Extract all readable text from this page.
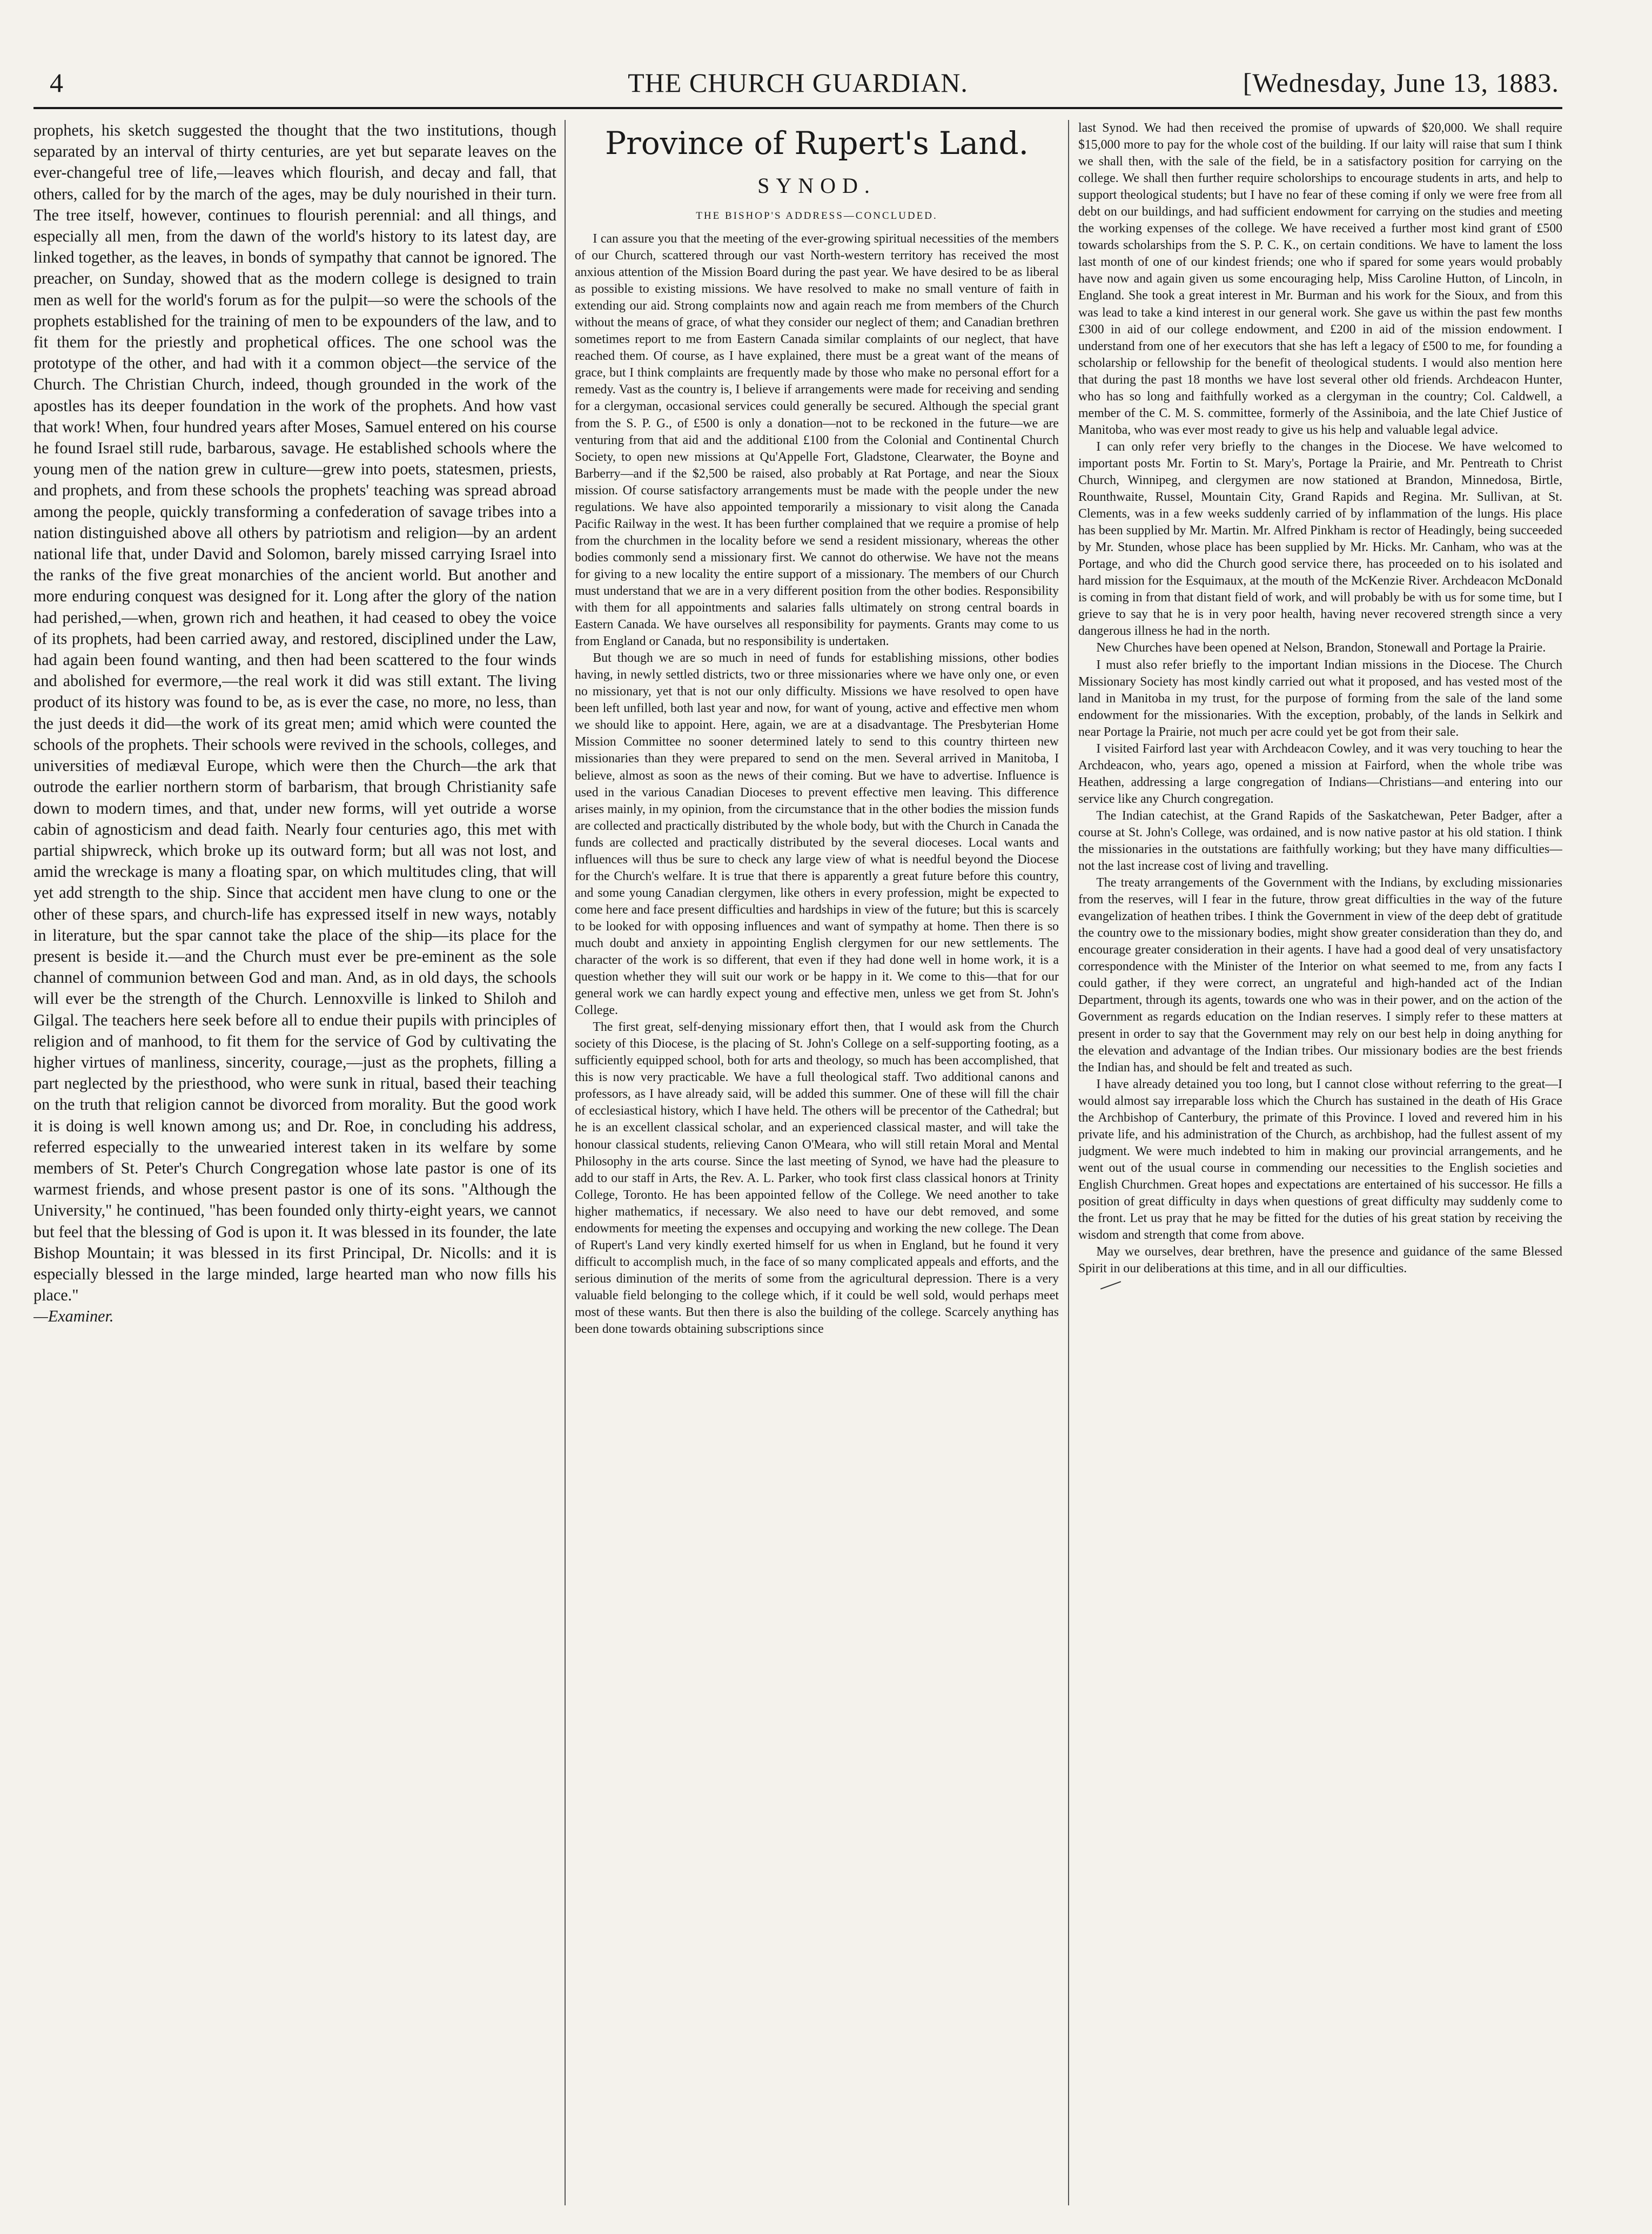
4	THE CHURCH GUARDIAN.	[Wednesday, June 13, 1883.

prophets, his sketch suggested the thought that the two institutions, though separated by an interval of thirty centuries, are yet but separate leaves on the ever-changeful tree of life,—leaves which flourish, and decay and fall, that others, called for by the march of the ages, may be duly nourished in their turn. The tree itself, however, continues to flourish perennial: and all things, and especially all men, from the dawn of the world's history to its latest day, are linked together, as the leaves, in bonds of sympathy that cannot be ignored. The preacher, on Sunday, showed that as the modern college is designed to train men as well for the world's forum as for the pulpit—so were the schools of the prophets established for the training of men to be expounders of the law, and to fit them for the priestly and prophetical offices. The one school was the prototype of the other, and had with it a common object—the service of the Church. The Christian Church, indeed, though grounded in the work of the apostles has its deeper foundation in the work of the prophets. And how vast that work! When, four hundred years after Moses, Samuel entered on his course he found Israel still rude, barbarous, savage. He established schools where the young men of the nation grew in culture—grew into poets, statesmen, priests, and prophets, and from these schools the prophets' teaching was spread abroad among the people, quickly transforming a confederation of savage tribes into a nation distinguished above all others by patriotism and religion—by an ardent national life that, under David and Solomon, barely missed carrying Israel into the ranks of the five great monarchies of the ancient world. But another and more enduring conquest was designed for it. Long after the glory of the nation had perished,—when, grown rich and heathen, it had ceased to obey the voice of its prophets, had been carried away, and restored, disciplined under the Law, had again been found wanting, and then had been scattered to the four winds and abolished for evermore,—the real work it did was still extant. The living product of its history was found to be, as is ever the case, no more, no less, than the just deeds it did—the work of its great men; amid which were counted the schools of the prophets. Their schools were revived in the schools, colleges, and universities of mediæval Europe, which were then the Church—the ark that outrode the earlier northern storm of barbarism, that brough Christianity safe down to modern times, and that, under new forms, will yet outride a worse cabin of agnosticism and dead faith. Nearly four centuries ago, this met with partial shipwreck, which broke up its outward form; but all was not lost, and amid the wreckage is many a floating spar, on which multitudes cling, that will yet add strength to the ship. Since that accident men have clung to one or the other of these spars, and church-life has expressed itself in new ways, notably in literature, but the spar cannot take the place of the ship—its place for the present is beside it.—and the Church must ever be pre-eminent as the sole channel of communion between God and man. And, as in old days, the schools will ever be the strength of the Church. Lennoxville is linked to Shiloh and Gilgal. The teachers here seek before all to endue their pupils with principles of religion and of manhood, to fit them for the service of God by cultivating the higher virtues of manliness, sincerity, courage,—just as the prophets, filling a part neglected by the priesthood, who were sunk in ritual, based their teaching on the truth that religion cannot be divorced from morality. But the good work it is doing is well known among us; and Dr. Roe, in concluding his address, referred especially to the unwearied interest taken in its welfare by some members of St. Peter's Church Congregation whose late pastor is one of its warmest friends, and whose present pastor is one of its sons. "Although the University," he continued, "has been founded only thirty-eight years, we cannot but feel that the blessing of God is upon it. It was blessed in its founder, the late Bishop Mountain; it was blessed in its first Principal, Dr. Nicolls: and it is especially blessed in the large minded, large hearted man who now fills his place."

—Examiner.

Province of Rupert's Land.
SYNOD.
THE BISHOP'S ADDRESS—CONCLUDED.

I can assure you that the meeting of the ever-growing spiritual necessities of the members of our Church, scattered through our vast North-western territory has received the most anxious attention of the Mission Board during the past year. We have desired to be as liberal as possible to existing missions. We have resolved to make no small venture of faith in extending our aid. Strong complaints now and again reach me from members of the Church without the means of grace, of what they consider our neglect of them; and Canadian brethren sometimes report to me from Eastern Canada similar complaints of our neglect, that have reached them. Of course, as I have explained, there must be a great want of the means of grace, but I think complaints are frequently made by those who make no personal effort for a remedy. Vast as the country is, I believe if arrangements were made for receiving and sending for a clergyman, occasional services could generally be secured. Although the special grant from the S. P. G., of £500 is only a donation—not to be reckoned in the future—we are venturing from that aid and the additional £100 from the Colonial and Continental Church Society, to open new missions at Qu'Appelle Fort, Gladstone, Clearwater, the Boyne and Barberry—and if the $2,500 be raised, also probably at Rat Portage, and near the Sioux mission. Of course satisfactory arrangements must be made with the people under the new regulations. We have also appointed temporarily a missionary to visit along the Canada Pacific Railway in the west. It has been further complained that we require a promise of help from the churchmen in the locality before we send a resident missionary, whereas the other bodies commonly send a missionary first. We cannot do otherwise. We have not the means for giving to a new locality the entire support of a missionary. The members of our Church must understand that we are in a very different position from the other bodies. Responsibility with them for all appointments and salaries falls ultimately on strong central boards in Eastern Canada. We have ourselves all responsibility for payments. Grants may come to us from England or Canada, but no responsibility is undertaken.

But though we are so much in need of funds for establishing missions, other bodies having, in newly settled districts, two or three missionaries where we have only one, or even no missionary, yet that is not our only difficulty. Missions we have resolved to open have been left unfilled, both last year and now, for want of young, active and effective men whom we should like to appoint. Here, again, we are at a disadvantage. The Presbyterian Home Mission Committee no sooner determined lately to send to this country thirteen new missionaries than they were prepared to send on the men. Several arrived in Manitoba, I believe, almost as soon as the news of their coming. But we have to advertise. Influence is used in the various Canadian Dioceses to prevent effective men leaving. This difference arises mainly, in my opinion, from the circumstance that in the other bodies the mission funds are collected and practically distributed by the whole body, but with the Church in Canada the funds are collected and practically distributed by the several dioceses. Local wants and influences will thus be sure to check any large view of what is needful beyond the Diocese for the Church's welfare. It is true that there is apparently a great future before this country, and some young Canadian clergymen, like others in every profession, might be expected to come here and face present difficulties and hardships in view of the future; but this is scarcely to be looked for with opposing influences and want of sympathy at home. Then there is so much doubt and anxiety in appointing English clergymen for our new settlements. The character of the work is so different, that even if they had done well in home work, it is a question whether they will suit our work or be happy in it. We come to this—that for our general work we can hardly expect young and effective men, unless we get from St. John's College.

The first great, self-denying missionary effort then, that I would ask from the Church society of this Diocese, is the placing of St. John's College on a self-supporting footing, as a sufficiently equipped school, both for arts and theology, so much has been accomplished, that this is now very practicable. We have a full theological staff. Two additional canons and professors, as I have already said, will be added this summer. One of these will fill the chair of ecclesiastical history, which I have held. The others will be precentor of the Cathedral; but he is an excellent classical scholar, and an experienced classical master, and will take the honour classical students, relieving Canon O'Meara, who will still retain Moral and Mental Philosophy in the arts course. Since the last meeting of Synod, we have had the pleasure to add to our staff in Arts, the Rev. A. L. Parker, who took first class classical honors at Trinity College, Toronto. He has been appointed fellow of the College. We need another to take higher mathematics, if necessary. We also need to have our debt removed, and some endowments for meeting the expenses and occupying and working the new college. The Dean of Rupert's Land very kindly exerted himself for us when in England, but he found it very difficult to accomplish much, in the face of so many complicated appeals and efforts, and the serious diminution of the merits of some from the agricultural depression. There is a very valuable field belonging to the college which, if it could be well sold, would perhaps meet most of these wants. But then there is also the building of the college. Scarcely anything has been done towards obtaining subscriptions since

last Synod. We had then received the promise of upwards of $20,000. We shall require $15,000 more to pay for the whole cost of the building. If our laity will raise that sum I think we shall then, with the sale of the field, be in a satisfactory position for carrying on the college. We shall then further require scholorships to encourage students in arts, and help to support theological students; but I have no fear of these coming if only we were free from all debt on our buildings, and had sufficient endowment for carrying on the studies and meeting the working expenses of the college. We have received a further most kind grant of £500 towards scholarships from the S. P. C. K., on certain conditions. We have to lament the loss last month of one of our kindest friends; one who if spared for some years would probably have now and again given us some encouraging help, Miss Caroline Hutton, of Lincoln, in England. She took a great interest in Mr. Burman and his work for the Sioux, and from this was lead to take a kind interest in our general work. She gave us within the past few months £300 in aid of our college endowment, and £200 in aid of the mission endowment. I understand from one of her executors that she has left a legacy of £500 to me, for founding a scholarship or fellowship for the benefit of theological students. I would also mention here that during the past 18 months we have lost several other old friends. Archdeacon Hunter, who has so long and faithfully worked as a clergyman in the country; Col. Caldwell, a member of the C. M. S. committee, formerly of the Assiniboia, and the late Chief Justice of Manitoba, who was ever most ready to give us his help and valuable legal advice.

I can only refer very briefly to the changes in the Diocese. We have welcomed to important posts Mr. Fortin to St. Mary's, Portage la Prairie, and Mr. Pentreath to Christ Church, Winnipeg, and clergymen are now stationed at Brandon, Minnedosa, Birtle, Rounthwaite, Russel, Mountain City, Grand Rapids and Regina. Mr. Sullivan, at St. Clements, was in a few weeks suddenly carried of by inflammation of the lungs. His place has been supplied by Mr. Martin. Mr. Alfred Pinkham is rector of Headingly, being succeeded by Mr. Stunden, whose place has been supplied by Mr. Hicks. Mr. Canham, who was at the Portage, and who did the Church good service there, has proceeded on to his isolated and hard mission for the Esquimaux, at the mouth of the McKenzie River. Archdeacon McDonald is coming in from that distant field of work, and will probably be with us for some time, but I grieve to say that he is in very poor health, having never recovered strength since a very dangerous illness he had in the north.

New Churches have been opened at Nelson, Brandon, Stonewall and Portage la Prairie.

I must also refer briefly to the important Indian missions in the Diocese. The Church Missionary Society has most kindly carried out what it proposed, and has vested most of the land in Manitoba in my trust, for the purpose of forming from the sale of the land some endowment for the missionaries. With the exception, probably, of the lands in Selkirk and near Portage la Prairie, not much per acre could yet be got from their sale.

I visited Fairford last year with Archdeacon Cowley, and it was very touching to hear the Archdeacon, who, years ago, opened a mission at Fairford, when the whole tribe was Heathen, addressing a large congregation of Indians—Christians—and entering into our service like any Church congregation.

The Indian catechist, at the Grand Rapids of the Saskatchewan, Peter Badger, after a course at St. John's College, was ordained, and is now native pastor at his old station. I think the missionaries in the outstations are faithfully working; but they have many difficulties—not the last increase cost of living and travelling.

The treaty arrangements of the Government with the Indians, by excluding missionaries from the reserves, will I fear in the future, throw great difficulties in the way of the future evangelization of heathen tribes. I think the Government in view of the deep debt of gratitude the country owe to the missionary bodies, might show greater consideration than they do, and encourage greater consideration in their agents. I have had a good deal of very unsatisfactory correspondence with the Minister of the Interior on what seemed to me, from any facts I could gather, if they were correct, an ungrateful and high-handed act of the Indian Department, through its agents, towards one who was in their power, and on the action of the Government as regards education on the Indian reserves. I simply refer to these matters at present in order to say that the Government may rely on our best help in doing anything for the elevation and advantage of the Indian tribes. Our missionary bodies are the best friends the Indian has, and should be felt and treated as such.

I have already detained you too long, but I cannot close without referring to the great—I would almost say irreparable loss which the Church has sustained in the death of His Grace the Archbishop of Canterbury, the primate of this Province. I loved and revered him in his private life, and his administration of the Church, as archbishop, had the fullest assent of my judgment. We were much indebted to him in making our provincial arrangements, and he went out of the usual course in commending our necessities to the English societies and English Churchmen. Great hopes and expectations are entertained of his successor. He fills a position of great difficulty in days when questions of great difficulty may suddenly come to the front. Let us pray that he may be fitted for the duties of his great station by receiving the wisdom and strength that come from above.

May we ourselves, dear brethren, have the presence and guidance of the same Blessed Spirit in our deliberations at this time, and in all our difficulties.
